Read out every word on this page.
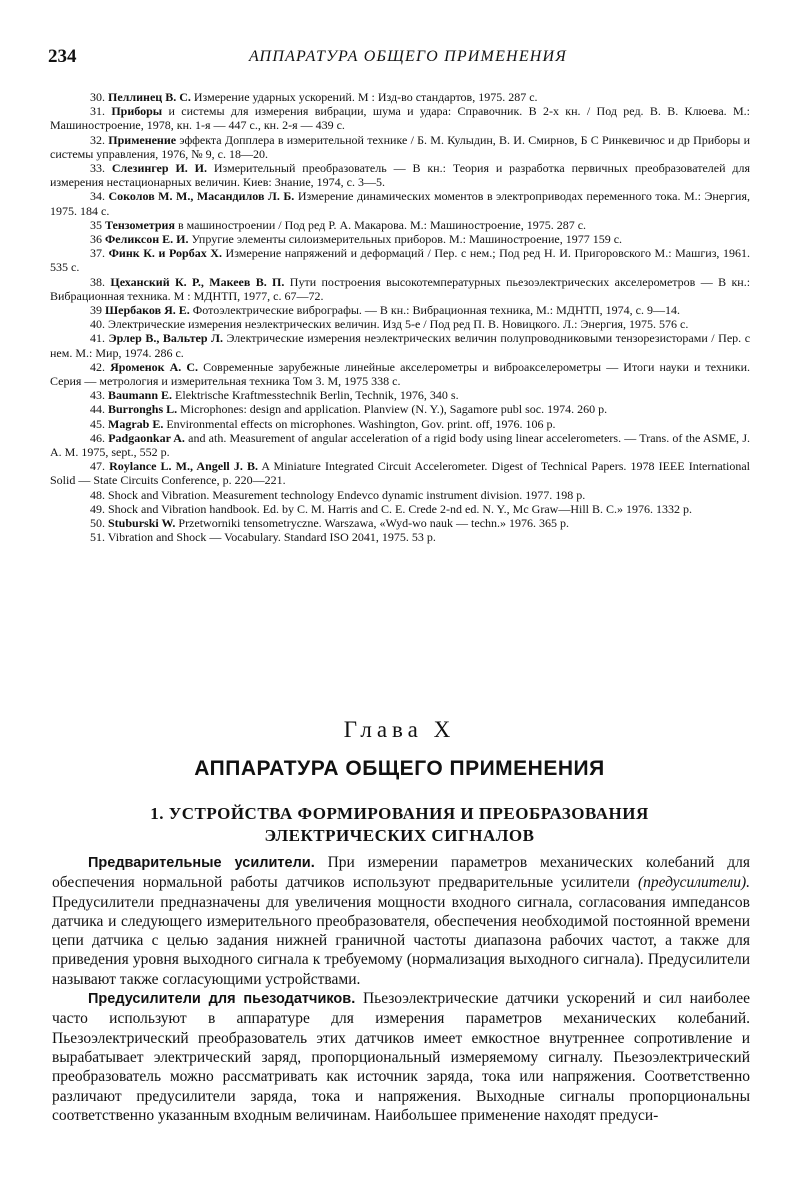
234	АППАРАТУРА ОБЩЕГО ПРИМЕНЕНИЯ

30. Пеллинец В. С. Измерение ударных ускорений. М : Изд-во стандартов, 1975. 287 с.

31. Приборы и системы для измерения вибрации, шума и удара: Справочник. В 2-х кн. / Под ред. В. В. Клюева. М.: Машиностроение, 1978, кн. 1-я — 447 с., кн. 2-я — 439 с.

32. Применение эффекта Допплера в измерительной технике / Б. М. Кулыдин, В. И. Смирнов, Б С Ринкевичюс и др Приборы и системы управления, 1976, № 9, с. 18—20.

33. Слезингер И. И. Измерительный преобразователь — В кн.: Теория и разработка первичных преобразователей для измерения нестационарных величин. Киев: Знание, 1974, с. 3—5.

34. Соколов М. М., Масандилов Л. Б. Измерение динамических моментов в электроприводах переменного тока. М.: Энергия, 1975. 184 с.

35 Тензометрия в машиностроении / Под ред Р. А. Макарова. М.: Машиностроение, 1975. 287 с.

36 Феликсон Е. И. Упругие элементы силоизмерительных приборов. М.: Машиностроение, 1977 159 с.

37. Финк К. и Рорбах Х. Измерение напряжений и деформаций / Пер. с нем.; Под ред Н. И. Пригоровского М.: Машгиз, 1961. 535 с.

38. Цеханский К. Р., Макеев В. П. Пути построения высокотемпературных пьезоэлектрических акселерометров — В кн.: Вибрационная техника. М : МДНТП, 1977, с. 67—72.

39 Шербаков Я. Е. Фотоэлектрические вибрографы. — В кн.: Вибрационная техника, М.: МДНТП, 1974, с. 9—14.

40. Электрические измерения неэлектрических величин. Изд 5-е / Под ред П. В. Новицкого. Л.: Энергия, 1975. 576 с.

41. Эрлер В., Вальтер Л. Электрические измерения неэлектрических величин полупроводниковыми тензорезисторами / Пер. с нем. М.: Мир, 1974. 286 с.

42. Яроменок А. С. Современные зарубежные линейные акселерометры и виброакселерометры — Итоги науки и техники. Серия — метрология и измерительная техника Том 3. М, 1975 338 с.

43. Baumann E. Elektrische Kraftmesstechnik Berlin, Technik, 1976, 340 s.

44. Burronghs L. Microphones: design and application. Planview (N. Y.), Sagamore publ soc. 1974. 260 p.

45. Magrab E. Environmental effects on microphones. Washington, Gov. print. off, 1976. 106 p.

46. Padgaonkar A. and ath. Measurement of angular acceleration of a rigid body using linear accelerometers. — Trans. of the ASME, J. A. M. 1975, sept., 552 p.

47. Roylance L. M., Angell J. B. A Miniature Integrated Circuit Accelerometer. Digest of Technical Papers. 1978 IEEE International Solid — State Circuits Conference, p. 220—221.

48. Shock and Vibration. Measurement technology Endevco dynamic instrument division. 1977. 198 p.

49. Shock and Vibration handbook. Ed. by C. M. Harris and C. E. Crede 2-nd ed. N. Y., Mc Graw—Hill B. C.» 1976. 1332 p.

50. Stuburski W. Przetworniki tensometryczne. Warszawa, «Wyd-wo nauk — techn.» 1976. 365 p.

51. Vibration and Shock — Vocabulary. Standard ISO 2041, 1975. 53 p.

Глава X
АППАРАТУРА ОБЩЕГО ПРИМЕНЕНИЯ
1. УСТРОЙСТВА ФОРМИРОВАНИЯ И ПРЕОБРАЗОВАНИЯ
ЭЛЕКТРИЧЕСКИХ СИГНАЛОВ

Предварительные усилители. При измерении параметров механических колебаний для обеспечения нормальной работы датчиков используют предварительные усилители (предусилители). Предусилители предназначены для увеличения мощности входного сигнала, согласования импедансов датчика и следующего измерительного преобразователя, обеспечения необходимой постоянной времени цепи датчика с целью задания нижней граничной частоты диапазона рабочих частот, а также для приведения уровня выходного сигнала к требуемому (нормализация выходного сигнала). Предусилители называют также согласующими устройствами.

Предусилители для пьезодатчиков. Пьезоэлектрические датчики ускорений и сил наиболее часто используют в аппаратуре для измерения параметров механических колебаний. Пьезоэлектрический преобразователь этих датчиков имеет емкостное внутреннее сопротивление и вырабатывает электрический заряд, пропорциональный измеряемому сигналу. Пьезоэлектрический преобразователь можно рассматривать как источник заряда, тока или напряжения. Соответственно различают предусилители заряда, тока и напряжения. Выходные сигналы пропорциональны соответственно указанным входным величинам. Наибольшее применение находят предуси-
